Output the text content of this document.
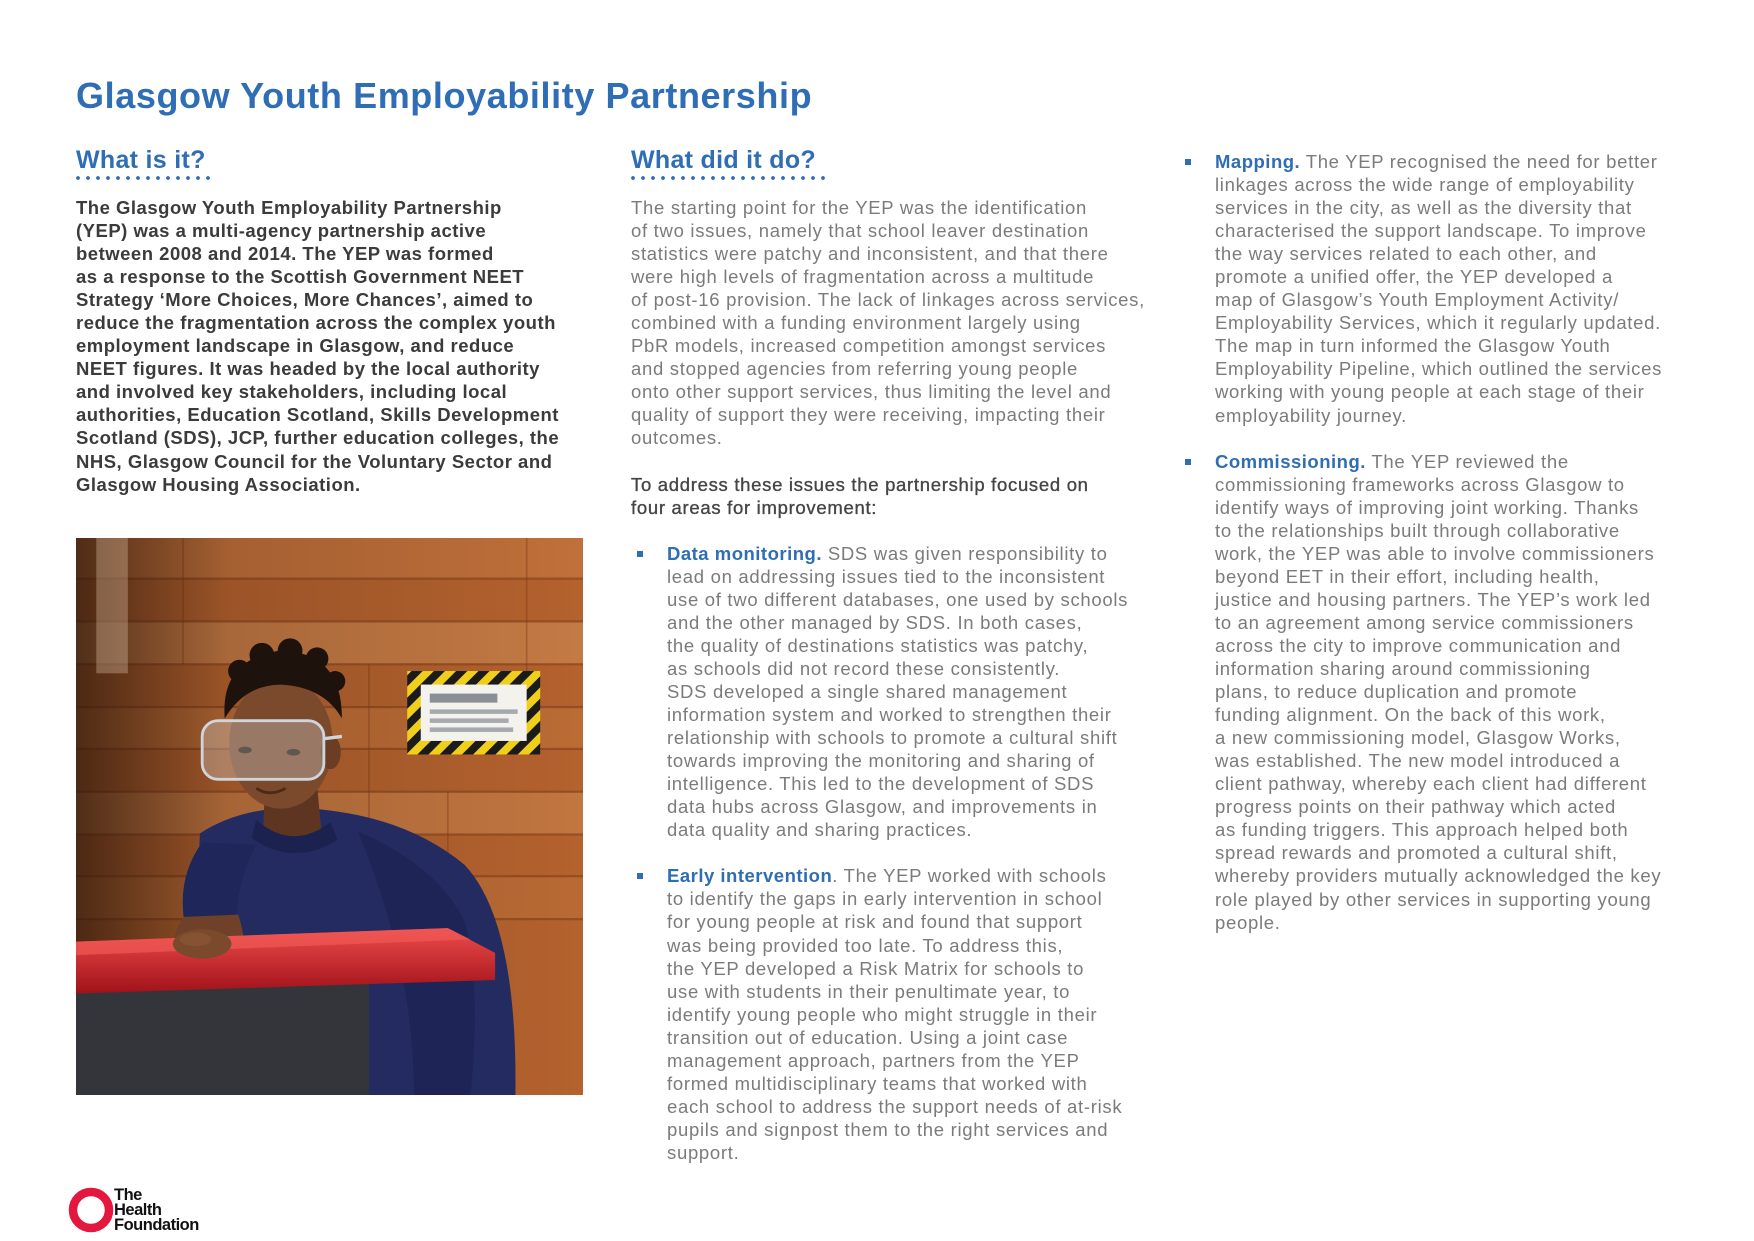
Glasgow Youth Employability Partnership
What is it?
The Glasgow Youth Employability Partnership
(YEP) was a multi-agency partnership active
between 2008 and 2014. The YEP was formed
as a response to the Scottish Government NEET
Strategy ‘More Choices, More Chances’, aimed to
reduce the fragmentation across the complex youth
employment landscape in Glasgow, and reduce
NEET figures. It was headed by the local authority
and involved key stakeholders, including local
authorities, Education Scotland, Skills Development
Scotland (SDS), JCP, further education colleges, the
NHS, Glasgow Council for the Voluntary Sector and
Glasgow Housing Association.
What did it do?
The starting point for the YEP was the identification
of two issues, namely that school leaver destination
statistics were patchy and inconsistent, and that there
were high levels of fragmentation across a multitude
of post-16 provision. The lack of linkages across services,
combined with a funding environment largely using
PbR models, increased competition amongst services
and stopped agencies from referring young people
onto other support services, thus limiting the level and
quality of support they were receiving, impacting their
outcomes.
To address these issues the partnership focused on
four areas for improvement:
Data monitoring. SDS was given responsibility to
lead on addressing issues tied to the inconsistent
use of two different databases, one used by schools
and the other managed by SDS. In both cases,
the quality of destinations statistics was patchy,
as schools did not record these consistently.
SDS developed a single shared management
information system and worked to strengthen their
relationship with schools to promote a cultural shift
towards improving the monitoring and sharing of
intelligence. This led to the development of SDS
data hubs across Glasgow, and improvements in
data quality and sharing practices.
Early intervention. The YEP worked with schools
to identify the gaps in early intervention in school
for young people at risk and found that support
was being provided too late. To address this,
the YEP developed a Risk Matrix for schools to
use with students in their penultimate year, to
identify young people who might struggle in their
transition out of education. Using a joint case
management approach, partners from the YEP
formed multidisciplinary teams that worked with
each school to address the support needs of at-risk
pupils and signpost them to the right services and
support.
Mapping. The YEP recognised the need for better
linkages across the wide range of employability
services in the city, as well as the diversity that
characterised the support landscape. To improve
the way services related to each other, and
promote a unified offer, the YEP developed a
map of Glasgow’s Youth Employment Activity/
Employability Services, which it regularly updated.
The map in turn informed the Glasgow Youth
Employability Pipeline, which outlined the services
working with young people at each stage of their
employability journey.
Commissioning. The YEP reviewed the
commissioning frameworks across Glasgow to
identify ways of improving joint working. Thanks
to the relationships built through collaborative
work, the YEP was able to involve commissioners
beyond EET in their effort, including health,
justice and housing partners. The YEP’s work led
to an agreement among service commissioners
across the city to improve communication and
information sharing around commissioning
plans, to reduce duplication and promote
funding alignment. On the back of this work,
a new commissioning model, Glasgow Works,
was established. The new model introduced a
client pathway, whereby each client had different
progress points on their pathway which acted
as funding triggers. This approach helped both
spread rewards and promoted a cultural shift,
whereby providers mutually acknowledged the key
role played by other services in supporting young
people.
The
Health
Foundation
